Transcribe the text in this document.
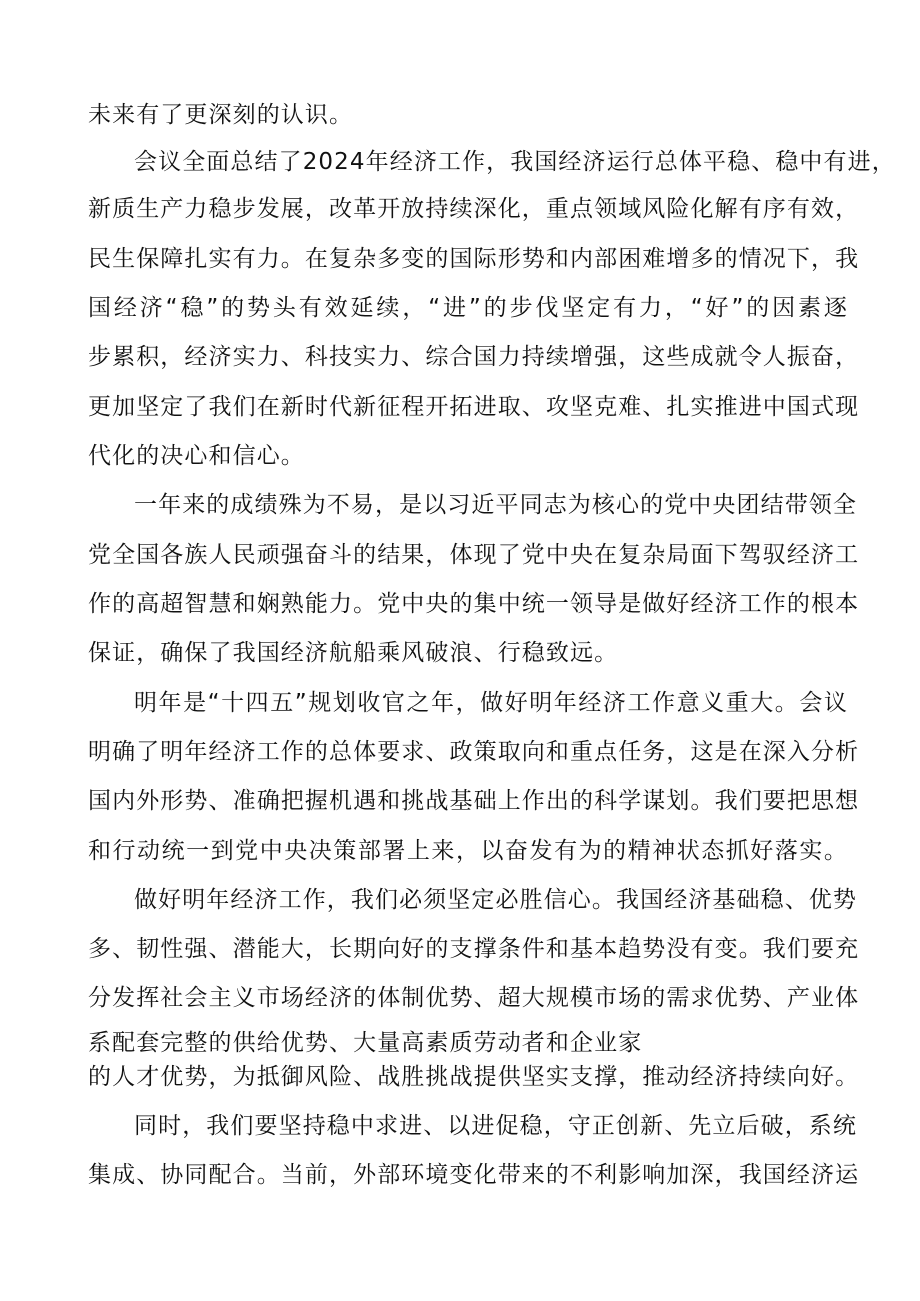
未来有了更深刻的认识。
会议全面总结了2024年经济工作，我国经济运行总体平稳、稳中有进，
新质生产力稳步发展，改革开放持续深化，重点领域风险化解有序有效，
民生保障扎实有力。在复杂多变的国际形势和内部困难增多的情况下，我
国经济“稳”的势头有效延续，“进”的步伐坚定有力，“好”的因素逐
步累积，经济实力、科技实力、综合国力持续增强，这些成就令人振奋，
更加坚定了我们在新时代新征程开拓进取、攻坚克难、扎实推进中国式现
代化的决心和信心。
一年来的成绩殊为不易，是以习近平同志为核心的党中央团结带领全
党全国各族人民顽强奋斗的结果，体现了党中央在复杂局面下驾驭经济工
作的高超智慧和娴熟能力。党中央的集中统一领导是做好经济工作的根本
保证，确保了我国经济航船乘风破浪、行稳致远。
明年是“十四五”规划收官之年，做好明年经济工作意义重大。会议
明确了明年经济工作的总体要求、政策取向和重点任务，这是在深入分析
国内外形势、准确把握机遇和挑战基础上作出的科学谋划。我们要把思想
和行动统一到党中央决策部署上来，以奋发有为的精神状态抓好落实。
做好明年经济工作，我们必须坚定必胜信心。我国经济基础稳、优势
多、韧性强、潜能大，长期向好的支撑条件和基本趋势没有变。我们要充
分发挥社会主义市场经济的体制优势、超大规模市场的需求优势、产业体
系配套完整的供给优势、大量高素质劳动者和企业家
的人才优势，为抵御风险、战胜挑战提供坚实支撑，推动经济持续向好。
同时，我们要坚持稳中求进、以进促稳，守正创新、先立后破，系统
集成、协同配合。当前，外部环境变化带来的不利影响加深，我国经济运
